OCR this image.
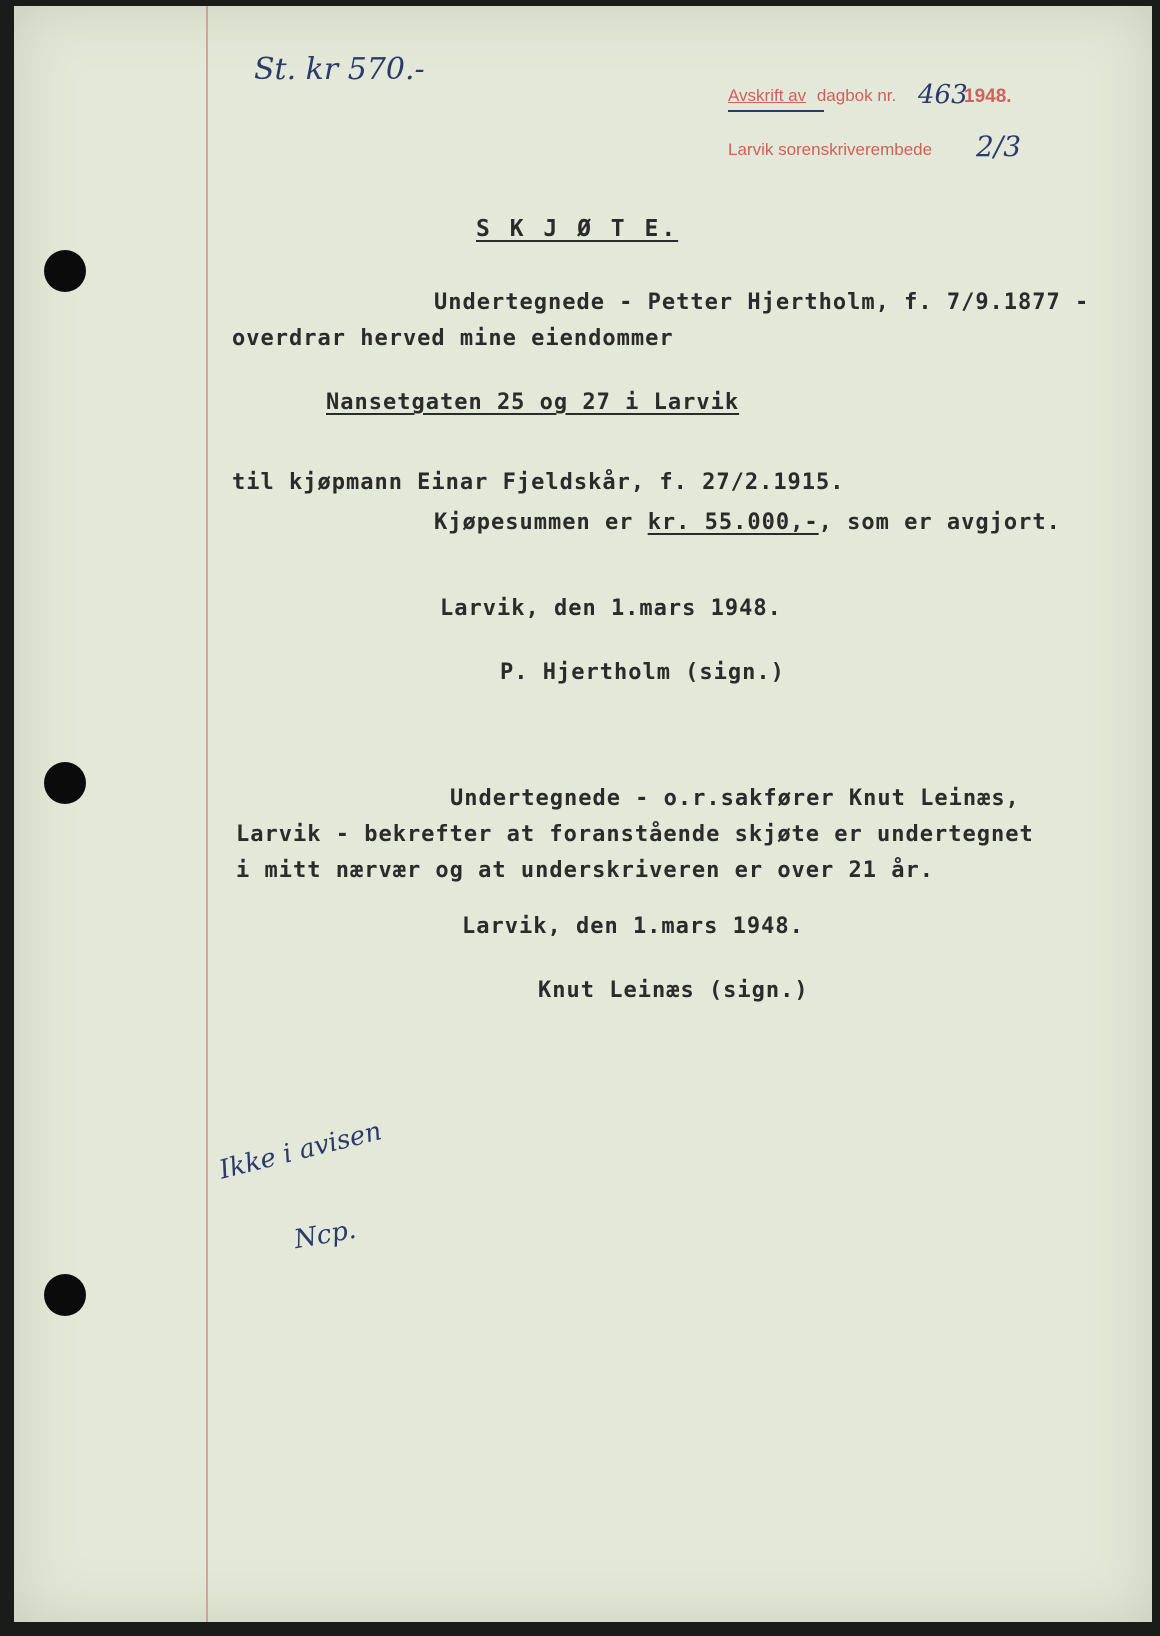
St. kr 570.-
Avskrift av dagbok nr. 463
1948.
Larvik sorenskriverembede 2/3
S K J Ø T E.
Undertegnede - Petter Hjertholm, f. 7/9.1877 -
overdrar herved mine eiendommer
Nansetgaten 25 og 27 i Larvik
til kjøpmann Einar Fjeldskår, f. 27/2.1915.
Kjøpesummen er kr. 55.000,-, som er avgjort.
Larvik, den 1.mars 1948.
P. Hjertholm (sign.)
Undertegnede - o.r.sakfører Knut Leinæs,
Larvik - bekrefter at foranstående skjøte er undertegnet
i mitt nærvær og at underskriveren er over 21 år.
Larvik, den 1.mars 1948.
Knut Leinæs (sign.)
Ikke i avisen
Ncp.
